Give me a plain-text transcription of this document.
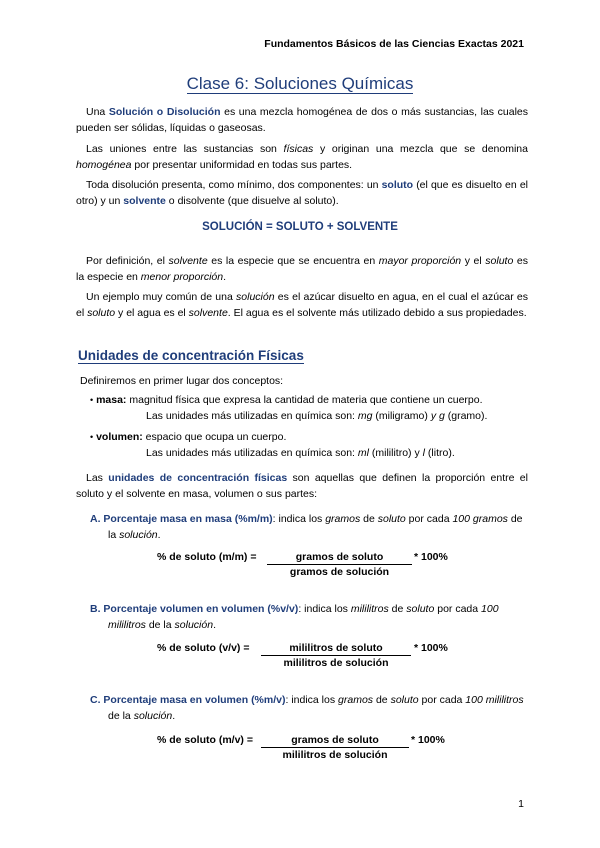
Fundamentos Básicos de las Ciencias Exactas 2021
Clase 6: Soluciones Químicas
Una Solución o Disolución es una mezcla homogénea de dos o más sustancias, las cuales pueden ser sólidas, líquidas o gaseosas.
Las uniones entre las sustancias son físicas y originan una mezcla que se denomina homogénea por presentar uniformidad en todas sus partes.
Toda disolución presenta, como mínimo, dos componentes: un soluto (el que es disuelto en el otro) y un solvente o disolvente (que disuelve al soluto).
SOLUCIÓN = SOLUTO + SOLVENTE
Por definición, el solvente es la especie que se encuentra en mayor proporción y el soluto es la especie en menor proporción.
Un ejemplo muy común de una solución es el azúcar disuelto en agua, en el cual el azúcar es el soluto y el agua es el solvente. El agua es el solvente más utilizado debido a sus propiedades.
Unidades de concentración Físicas
Definiremos en primer lugar dos conceptos:
• masa: magnitud física que expresa la cantidad de materia que contiene un cuerpo.
Las unidades más utilizadas en química son: mg (miligramo) y g (gramo).
• volumen: espacio que ocupa un cuerpo.
Las unidades más utilizadas en química son: ml (mililitro) y l (litro).
Las unidades de concentración físicas son aquellas que definen la proporción entre el soluto y el solvente en masa, volumen o sus partes:
A. Porcentaje masa en masa (%m/m): indica los gramos de soluto por cada 100 gramos de la solución.
% de soluto (m/m) =	gramos de soluto	* 100%
gramos de solución
B. Porcentaje volumen en volumen (%v/v): indica los mililitros de soluto por cada 100 mililitros de la solución.
% de soluto (v/v) =	mililitros de soluto	* 100%
mililitros de solución
C. Porcentaje masa en volumen (%m/v): indica los gramos de soluto por cada 100 mililitros de la solución.
% de soluto (m/v) =	gramos de soluto	* 100%
mililitros de solución
1
